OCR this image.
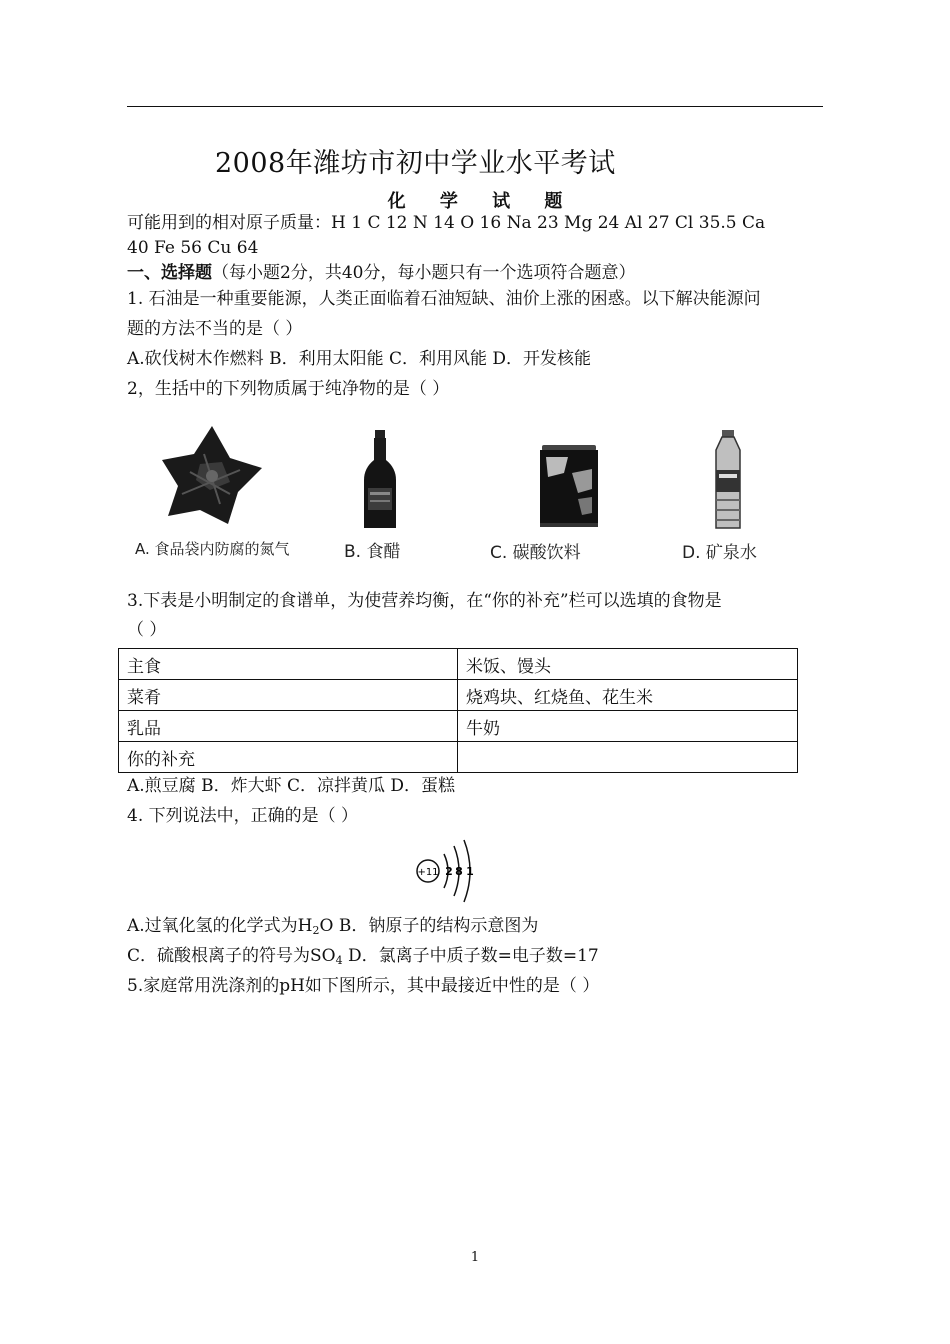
2008年潍坊市初中学业水平考试
化 学 试 题
可能用到的相对原子质量：H 1 C 12 N 14 O 16 Na 23 Mg 24 Al 27 Cl 35.5 Ca
40 Fe 56 Cu 64
一、选择题（每小题2分，共40分，每小题只有一个选项符合题意）
1. 石油是一种重要能源，人类正面临着石油短缺、油价上涨的困惑。以下解决能源问
题的方法不当的是（ ）
A.砍伐树木作燃料 B．利用太阳能 C．利用风能 D．开发核能
2，生括中的下列物质属于纯净物的是（ ）
A. 食品袋内防腐的氮气	B. 食醋	C. 碳酸饮料	D. 矿泉水
3.下表是小明制定的食谱单，为使营养均衡，在“你的补充”栏可以选填的食物是
（ ）
主食	米饭、馒头
菜肴	烧鸡块、红烧鱼、花生米
乳品	牛奶
你的补充	
A.煎豆腐 B．炸大虾 C．凉拌黄瓜 D．蛋糕
4. 下列说法中，正确的是（ ）
+11 2 8 1
A.过氧化氢的化学式为$H_2O$ B．钠原子的结构示意图为
C．硫酸根离子的符号为$SO_4$ D．氯离子中质子数=电子数=17
5.家庭常用洗涤剂的pH如下图所示，其中最接近中性的是（ ）
1
